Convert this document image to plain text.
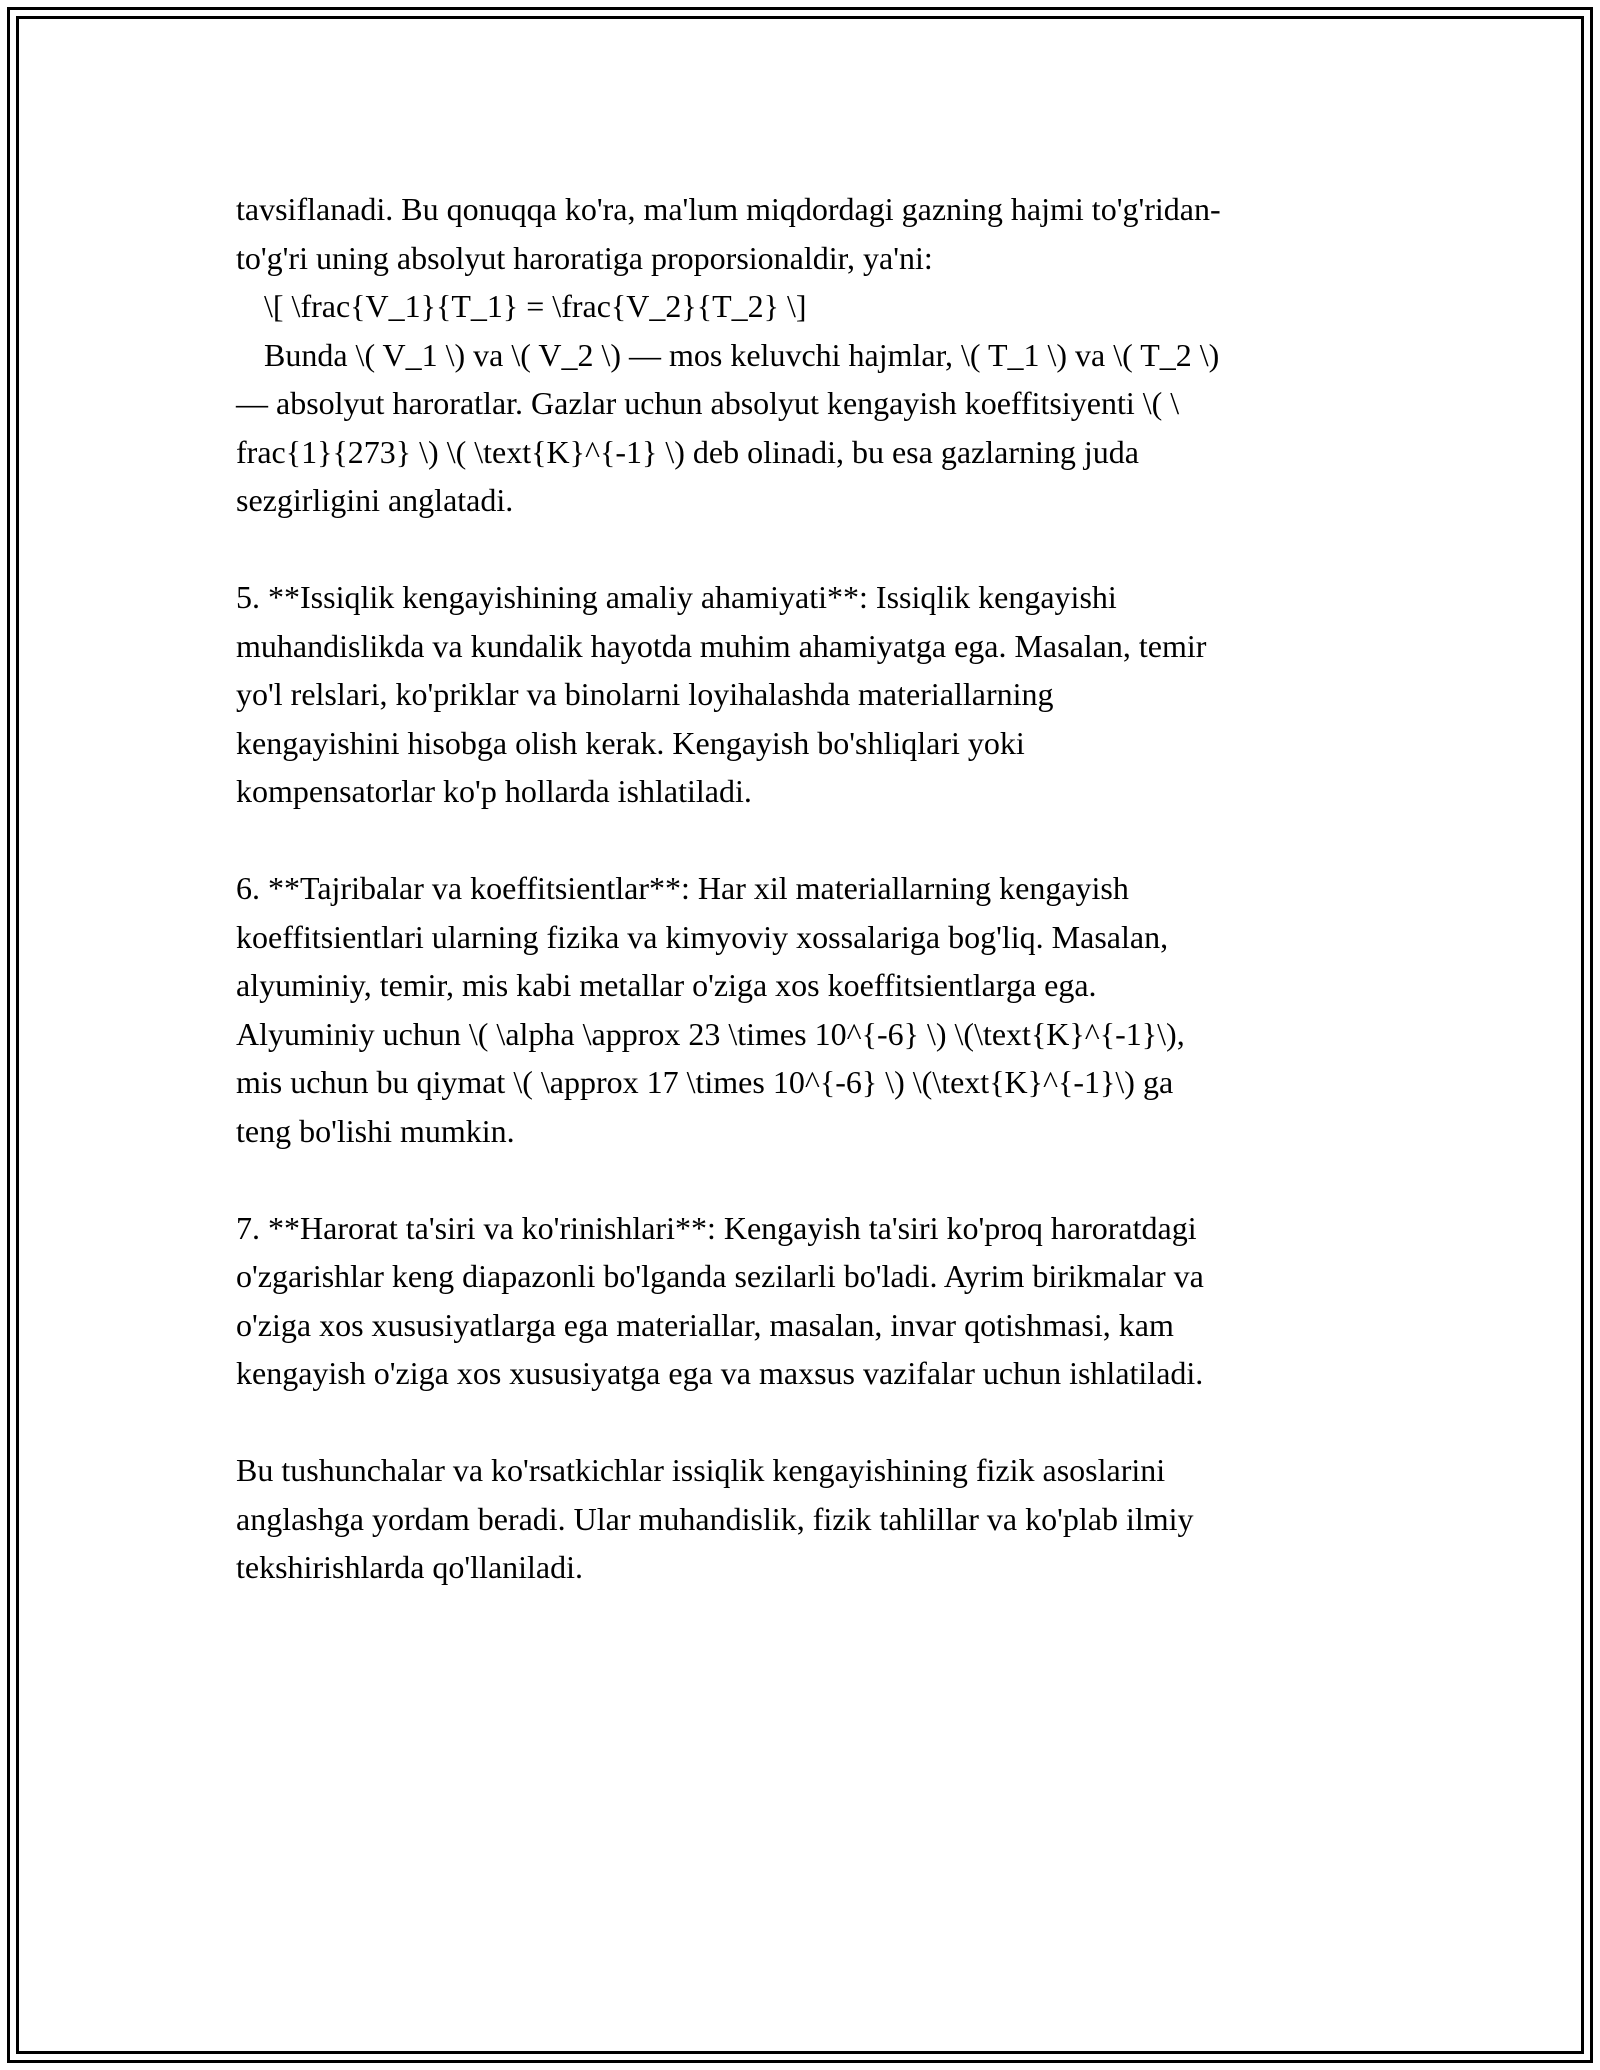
tavsiflanadi. Bu qonuqqa ko'ra, ma'lum miqdordagi gazning hajmi to'g'ridan-
to'g'ri uning absolyut haroratiga proporsionaldir, ya'ni:
\[ \frac{V_1}{T_1} = \frac{V_2}{T_2} \]
Bunda \( V_1 \) va \( V_2 \) — mos keluvchi hajmlar, \( T_1 \) va \( T_2 \)
— absolyut haroratlar. Gazlar uchun absolyut kengayish koeffitsiyenti \( \
frac{1}{273} \) \( \text{K}^{-1} \) deb olinadi, bu esa gazlarning juda
sezgirligini anglatadi.
5. **Issiqlik kengayishining amaliy ahamiyati**: Issiqlik kengayishi
muhandislikda va kundalik hayotda muhim ahamiyatga ega. Masalan, temir
yo'l relslari, ko'priklar va binolarni loyihalashda materiallarning
kengayishini hisobga olish kerak. Kengayish bo'shliqlari yoki
kompensatorlar ko'p hollarda ishlatiladi.
6. **Tajribalar va koeffitsientlar**: Har xil materiallarning kengayish
koeffitsientlari ularning fizika va kimyoviy xossalariga bog'liq. Masalan,
alyuminiy, temir, mis kabi metallar o'ziga xos koeffitsientlarga ega.
Alyuminiy uchun \( \alpha \approx 23 \times 10^{-6} \) \(\text{K}^{-1}\),
mis uchun bu qiymat \( \approx 17 \times 10^{-6} \) \(\text{K}^{-1}\) ga
teng bo'lishi mumkin.
7. **Harorat ta'siri va ko'rinishlari**: Kengayish ta'siri ko'proq haroratdagi
o'zgarishlar keng diapazonli bo'lganda sezilarli bo'ladi. Ayrim birikmalar va
o'ziga xos xususiyatlarga ega materiallar, masalan, invar qotishmasi, kam
kengayish o'ziga xos xususiyatga ega va maxsus vazifalar uchun ishlatiladi.
Bu tushunchalar va ko'rsatkichlar issiqlik kengayishining fizik asoslarini
anglashga yordam beradi. Ular muhandislik, fizik tahlillar va ko'plab ilmiy
tekshirishlarda qo'llaniladi.
